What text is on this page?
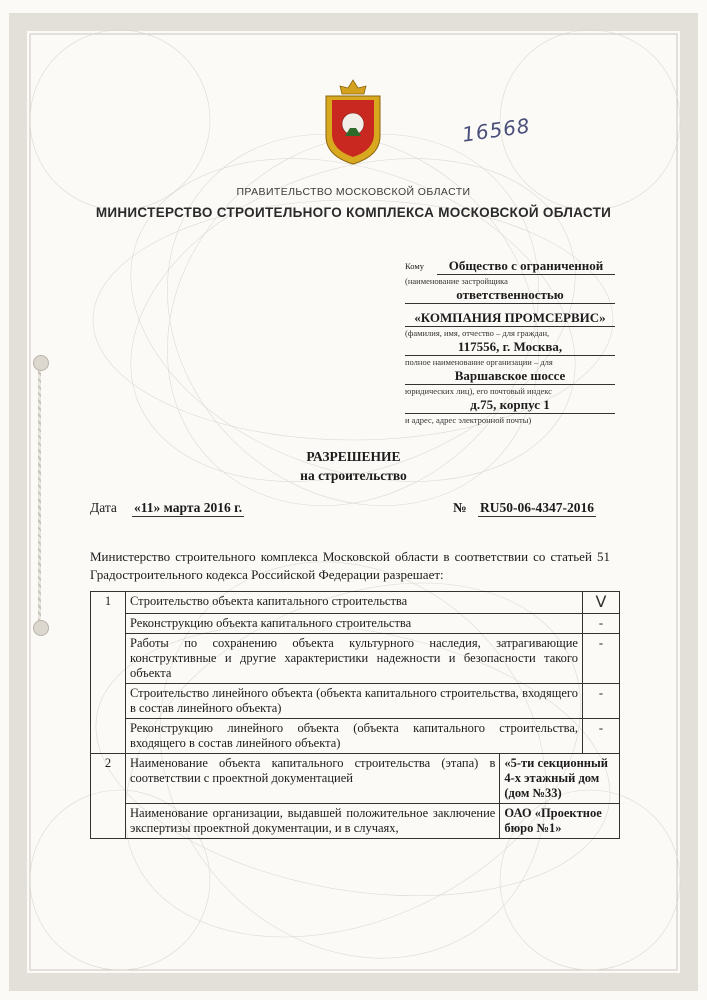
16568
ПРАВИТЕЛЬСТВО МОСКОВСКОЙ ОБЛАСТИ
МИНИСТЕРСТВО СТРОИТЕЛЬНОГО КОМПЛЕКСА МОСКОВСКОЙ ОБЛАСТИ
Кому	Общество с ограниченной
(наименование застройщика
ответственностью
«КОМПАНИЯ ПРОМСЕРВИС»
(фамилия, имя, отчество – для граждан,
117556, г. Москва,
полное наименование организации – для
Варшавское шоссе
юридических лиц), его почтовый индекс
д.75, корпус 1
и адрес, адрес электронной почты)
РАЗРЕШЕНИЕ
на строительство
Дата «11» марта 2016 г.	№ RU50-06-4347-2016
Министерство строительного комплекса Московской области в соответствии со статьей 51 Градостроительного кодекса Российской Федерации разрешает:
1	Строительство объекта капитального строительства		V
	Реконструкцию объекта капитального строительства		-
	Работы по сохранению объекта культурного наследия, затрагивающие конструктивные и другие характеристики надежности и безопасности такого объекта		-
	Строительство линейного объекта (объекта капитального строительства, входящего в состав линейного объекта)		-
	Реконструкцию линейного объекта (объекта капитального строительства, входящего в состав линейного объекта)		-
2	Наименование объекта капитального строительства (этапа) в соответствии с проектной документацией	«5-ти секционный 4-х этажный дом (дом №33)	
	Наименование организации, выдавшей положительное заключение экспертизы проектной документации, и в случаях,	ОАО «Проектное бюро №1»	
